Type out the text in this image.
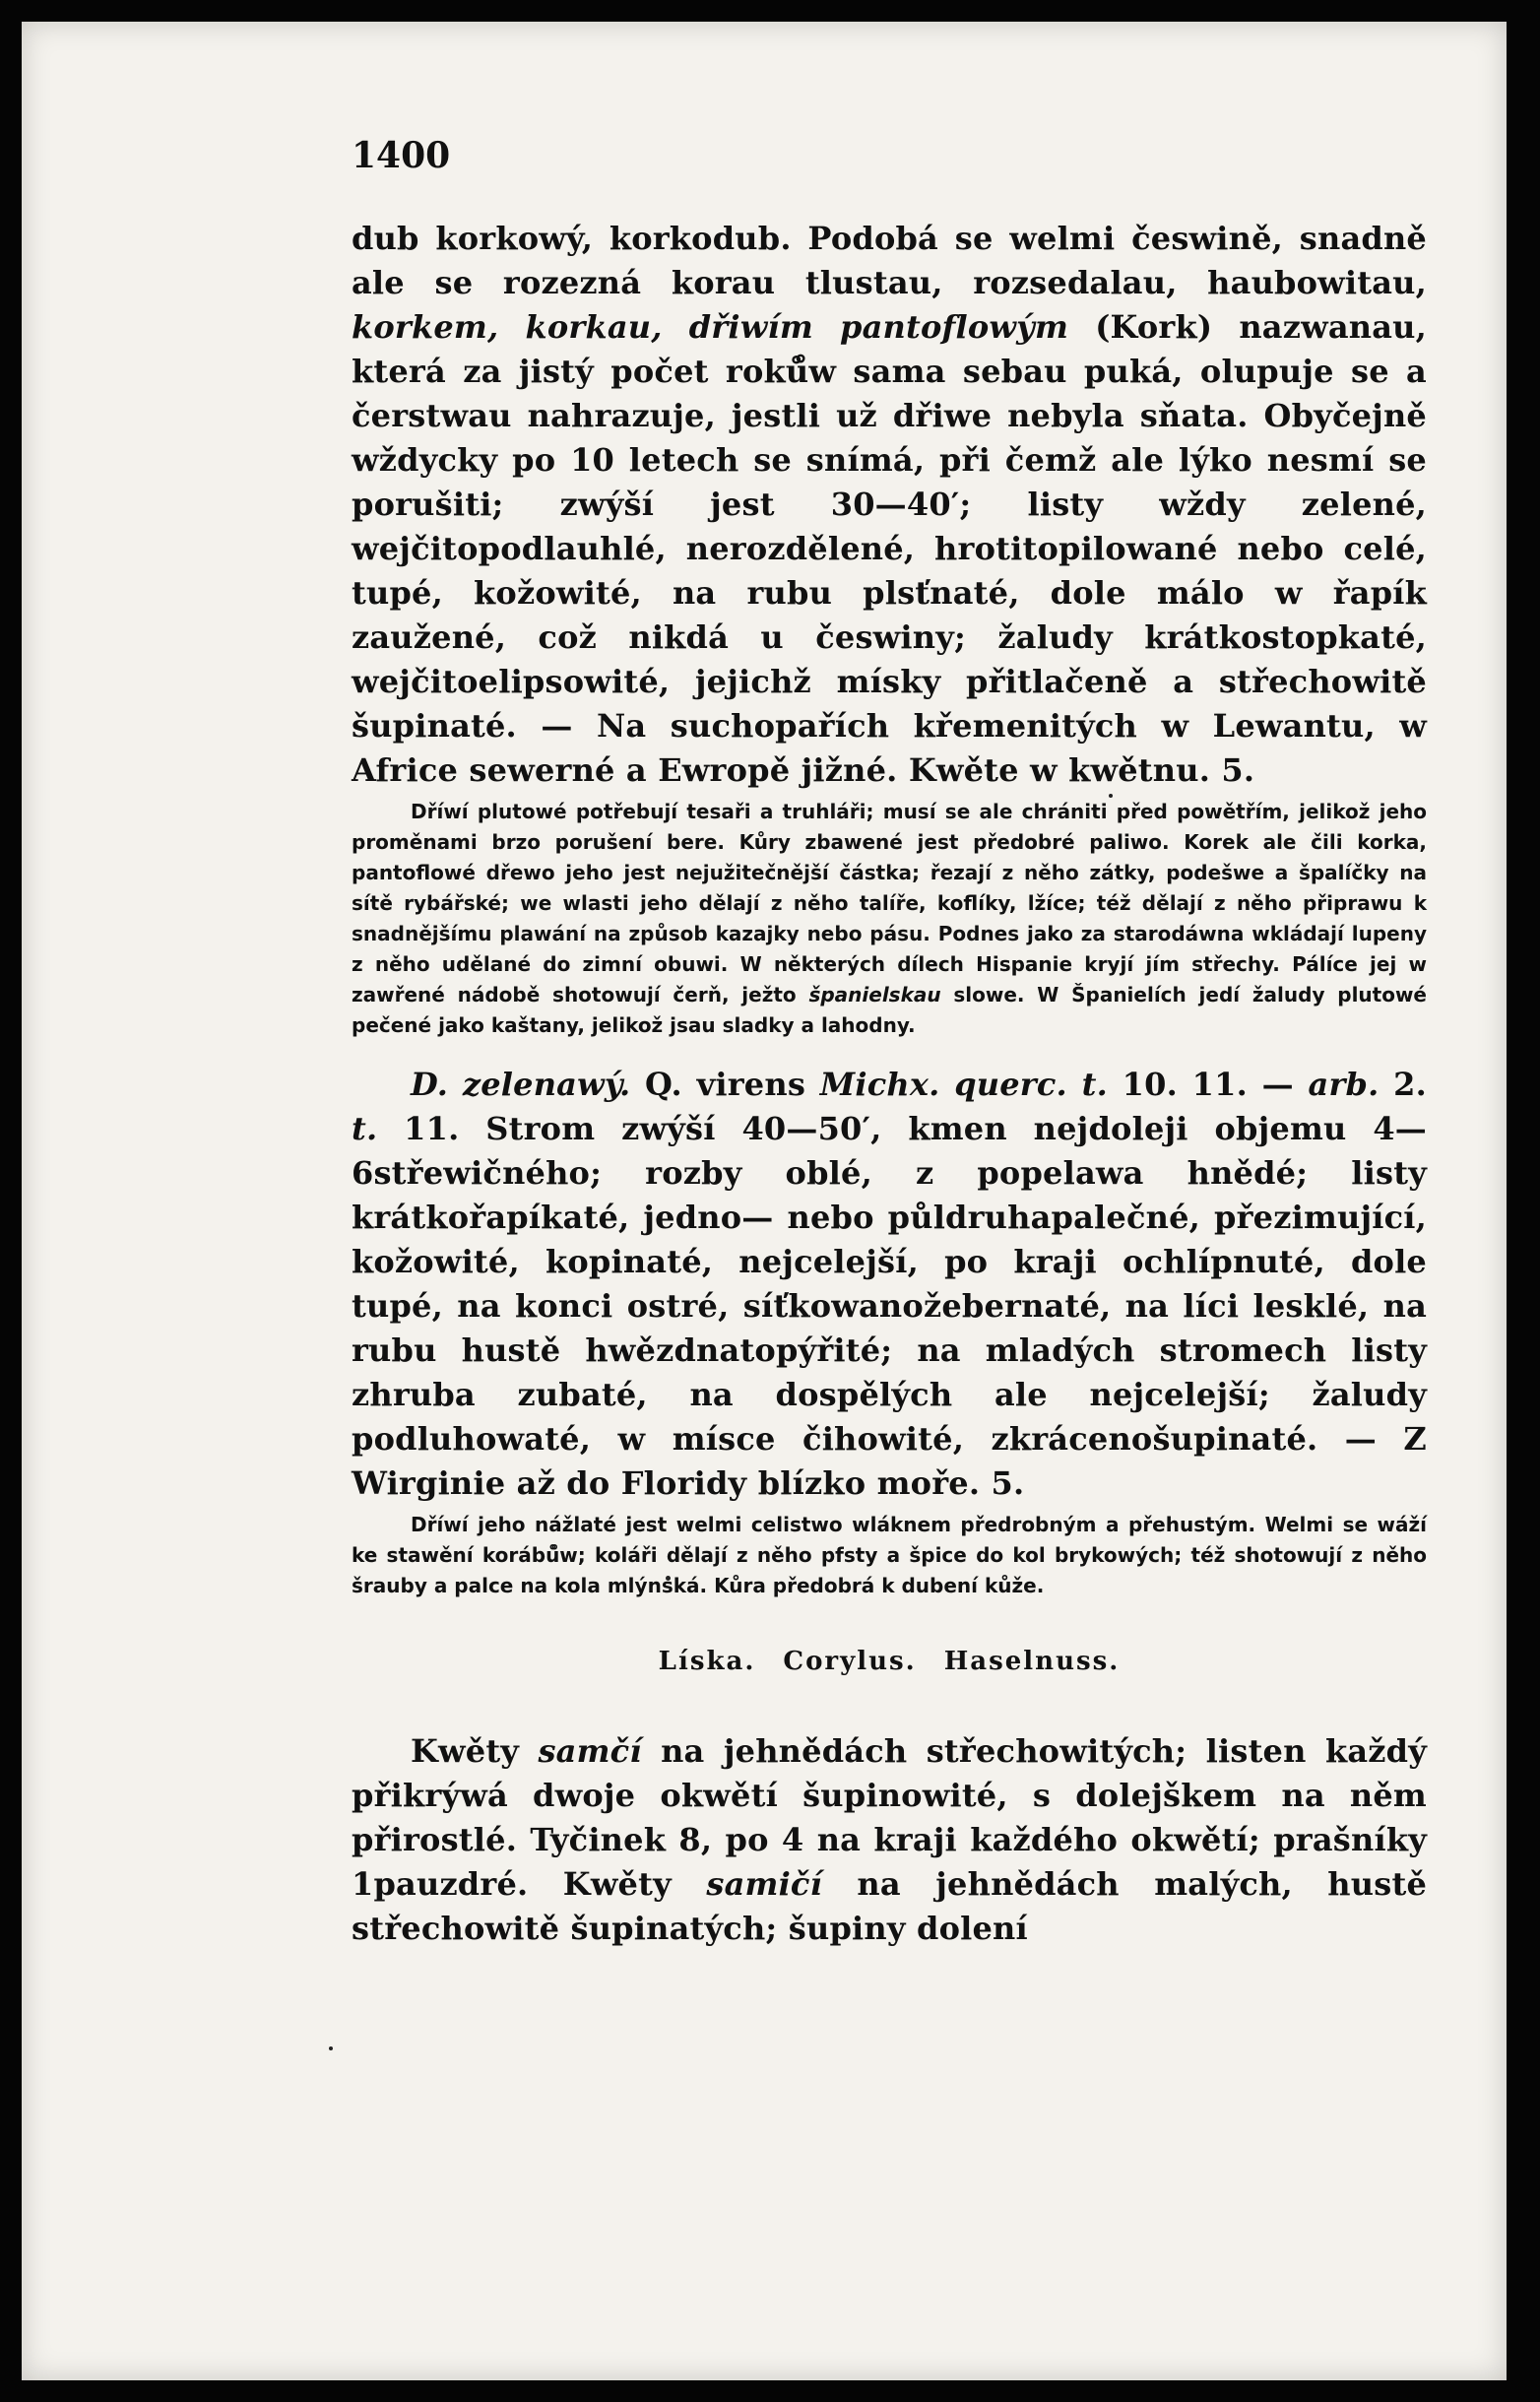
1400

dub korkowý, korkodub. Podobá se welmi česwině, snadně ale se rozezná korau tlustau, rozsedalau, haubowitau, korkem, korkau, dřiwím pantoflowým (Kork) nazwanau, která za jistý počet roků̊w sama sebau puká, olupuje se a čerstwau nahrazuje, jestli už dřiwe nebyla sňata. Obyčejně wždycky po 10 letech se snímá, při čemž ale lýko nesmí se porušiti; zwýší jest 30—40′; listy wždy zelené, wejčitopodlauhlé, nerozdělené, hrotitopilowané nebo celé, tupé, kožowité, na rubu plsťnaté, dole málo w řapík zaužené, což nikdá u česwiny; žaludy krátkostopkaté, wejčitoelipsowité, jejichž mísky přitlačeně a střechowitě šupinaté. — Na suchopařích křemenitých w Lewantu, w Africe sewerné a Ewropě jižné. Kwěte w kwětnu. 5.

Dříwí plutowé potřebují tesaři a truhláři; musí se ale chrániti před powětřím, jelikož jeho proměnami brzo porušení bere. Kůry zbawené jest předobré paliwo. Korek ale čili korka, pantoflowé dřewo jeho jest nejužitečnější částka; řezají z něho zátky, podešwe a špalíčky na sítě rybářské; we wlasti jeho dělají z něho talíře, koflíky, lžíce; též dělají z něho připrawu k snadnějšímu plawání na způsob kazajky nebo pásu. Podnes jako za starodáwna wkládají lupeny z něho udělané do zimní obuwi. W některých dílech Hispanie kryjí jím střechy. Pálíce jej w zawřené nádobě shotowují čerň, ježto španielskau slowe. W Španielích jedí žaludy plutowé pečené jako kaštany, jelikož jsau sladky a lahodny.

D. zelenawý. Q. virens Michx. querc. t. 10. 11. — arb. 2. t. 11. Strom zwýší 40—50′, kmen nejdoleji objemu 4—6střewičného; rozby oblé, z popelawa hnědé; listy krátkořapíkaté, jedno— nebo půldruhapalečné, přezimující, kožowité, kopinaté, nejcelejší, po kraji ochlípnuté, dole tupé, na konci ostré, síťkowanožebernaté, na líci lesklé, na rubu hustě hwězdnatopýřité; na mladých stromech listy zhruba zubaté, na dospělých ale nejcelejší; žaludy podluhowaté, w mísce čihowité, zkrácenošupinaté. — Z Wirginie až do Floridy blízko moře. 5.

Dříwí jeho nážlaté jest welmi celistwo wláknem předrobným a přehustým. Welmi se wáží ke stawění korábů̊w; koláři dělají z něho pfsty a špice do kol brykowých; též shotowují z něho šrauby a palce na kola mlýnská. Kůra předobrá k dubení kůže.

Líska. Corylus. Haselnuss.

Kwěty samčí na jehnědách střechowitých; listen každý přikrýwá dwoje okwětí šupinowité, s dolejškem na něm přirostlé. Tyčinek 8, po 4 na kraji každého okwětí; prašníky 1pauzdré. Kwěty samičí na jehnědách malých, hustě střechowitě šupinatých; šupiny dolení
